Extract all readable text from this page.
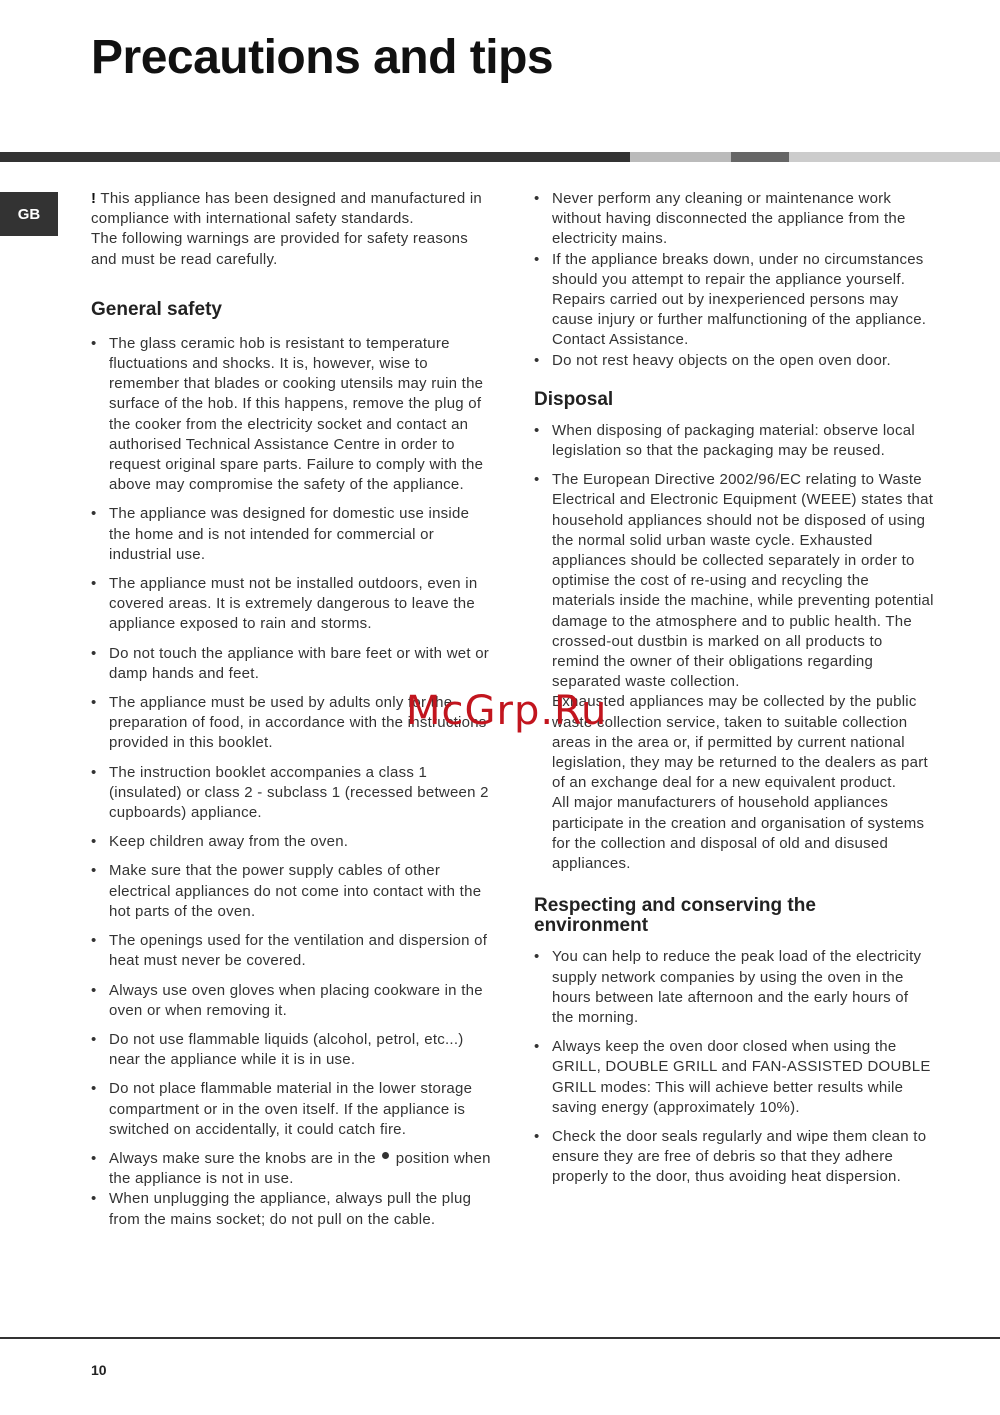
Precautions and tips
GB

! This appliance has been designed and manufactured in compliance with international safety standards.

The following warnings are provided for safety reasons and must be read carefully.

General safety

• The glass ceramic hob is resistant to temperature fluctuations and shocks. It is, however, wise to remember that blades or cooking utensils may ruin the surface of the hob. If this happens, remove the plug of the cooker from the electricity socket and contact an authorised Technical Assistance Centre in order to request original spare parts. Failure to comply with the above may compromise the safety of the appliance.

• The appliance was designed for domestic use inside the home and is not intended for commercial or industrial use.

• The appliance must not be installed outdoors, even in covered areas. It is extremely dangerous to leave the appliance exposed to rain and storms.

• Do not touch the appliance with bare feet or with wet or damp hands and feet.

• The appliance must be used by adults only for the preparation of food, in accordance with the instructions provided in this booklet.

• The instruction booklet accompanies a class 1 (insulated) or class 2 - subclass 1 (recessed between 2 cupboards) appliance.

• Keep children away from the oven.

• Make sure that the power supply cables of other electrical appliances do not come into contact with the hot parts of the oven.

• The openings used for the ventilation and dispersion of heat must never be covered.

• Always use oven gloves when placing cookware in the oven or when removing it.

• Do not use flammable liquids (alcohol, petrol, etc...) near the appliance while it is in use.

• Do not place flammable material in the lower storage compartment or in the oven itself. If the appliance is switched on accidentally, it could catch fire.

• Always make sure the knobs are in the position when the appliance is not in use.

• When unplugging the appliance, always pull the plug from the mains socket; do not pull on the cable.

• Never perform any cleaning or maintenance work without having disconnected the appliance from the electricity mains.

• If the appliance breaks down, under no circumstances should you attempt to repair the appliance yourself. Repairs carried out by inexperienced persons may cause injury or further malfunctioning of the appliance. Contact Assistance.

• Do not rest heavy objects on the open oven door.

Disposal

• When disposing of packaging material: observe local legislation so that the packaging may be reused.

• The European Directive 2002/96/EC relating to Waste Electrical and Electronic Equipment (WEEE) states that household appliances should not be disposed of using the normal solid urban waste cycle. Exhausted appliances should be collected separately in order to optimise the cost of re-using and recycling the materials inside the machine, while preventing potential damage to the atmosphere and to public health. The crossed-out dustbin is marked on all products to remind the owner of their obligations regarding separated waste collection.

Exhausted appliances may be collected by the public waste collection service, taken to suitable collection areas in the area or, if permitted by current national legislation, they may be returned to the dealers as part of an exchange deal for a new equivalent product.

All major manufacturers of household appliances participate in the creation and organisation of systems for the collection and disposal of old and disused appliances.

Respecting and conserving the
environment

• You can help to reduce the peak load of the electricity supply network companies by using the oven in the hours between late afternoon and the early hours of the morning.

• Always keep the oven door closed when using the GRILL, DOUBLE GRILL and FAN-ASSISTED DOUBLE GRILL modes: This will achieve better results while saving energy (approximately 10%).

• Check the door seals regularly and wipe them clean to ensure they are free of debris so that they adhere properly to the door, thus avoiding heat dispersion.

McGrp.Ru
10
